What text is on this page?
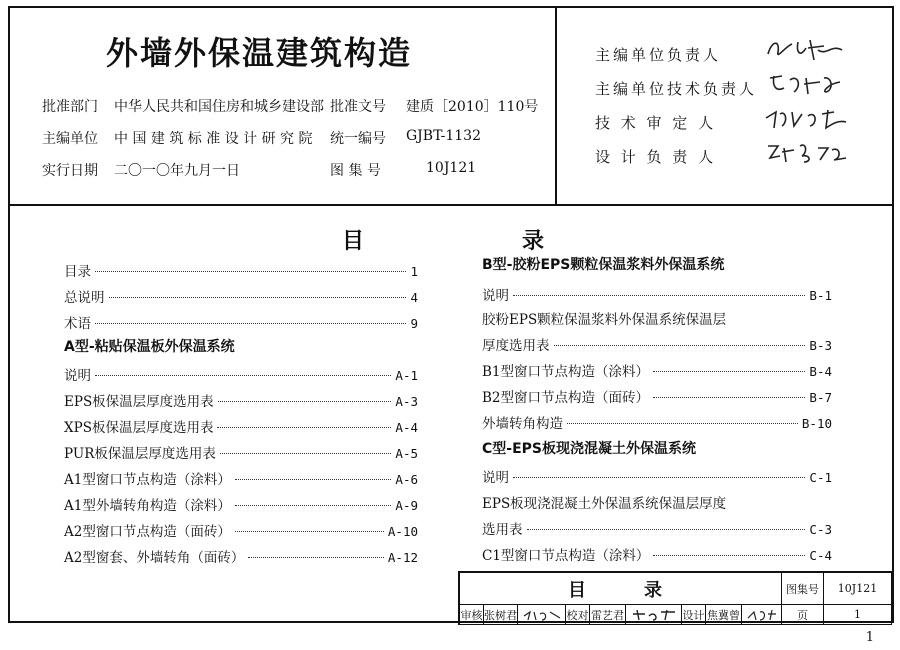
外墙外保温建筑构造
批准部门 中华人民共和国住房和城乡建设部 批准文号 建质［2010］110号
主编单位 中 国 建 筑 标 准 设 计 研 究 院 统一编号 GJBT-1132
实行日期 二〇一〇年九月一日	图 集 号	10J121
主编单位负责人
主编单位技术负责人
技 术 审 定 人
设 计 负 责 人
目	录
目录	1
总说明	4
术语	9
A型-粘贴保温板外保温系统
说明	A-1
EPS板保温层厚度选用表	A-3
XPS板保温层厚度选用表	A-4
PUR板保温层厚度选用表	A-5
A1型窗口节点构造（涂料）	A-6
A1型外墙转角构造（涂料）	A-9
A2型窗口节点构造（面砖）	A-10
A2型窗套、外墙转角（面砖）	A-12
B型-胶粉EPS颗粒保温浆料外保温系统
说明	B-1
胶粉EPS颗粒保温浆料外保温系统保温层
厚度选用表	B-3
B1型窗口节点构造（涂料）	B-4
B2型窗口节点构造（面砖）	B-7
外墙转角构造	B-10
C型-EPS板现浇混凝土外保温系统
说明	C-1
EPS板现浇混凝土外保温系统保温层厚度
选用表	C-3
C1型窗口节点构造（涂料）	C-4
目	录	图集号	10J121
审核 张树君	校对 雷艺君	设计 焦冀曾	页	1
1
